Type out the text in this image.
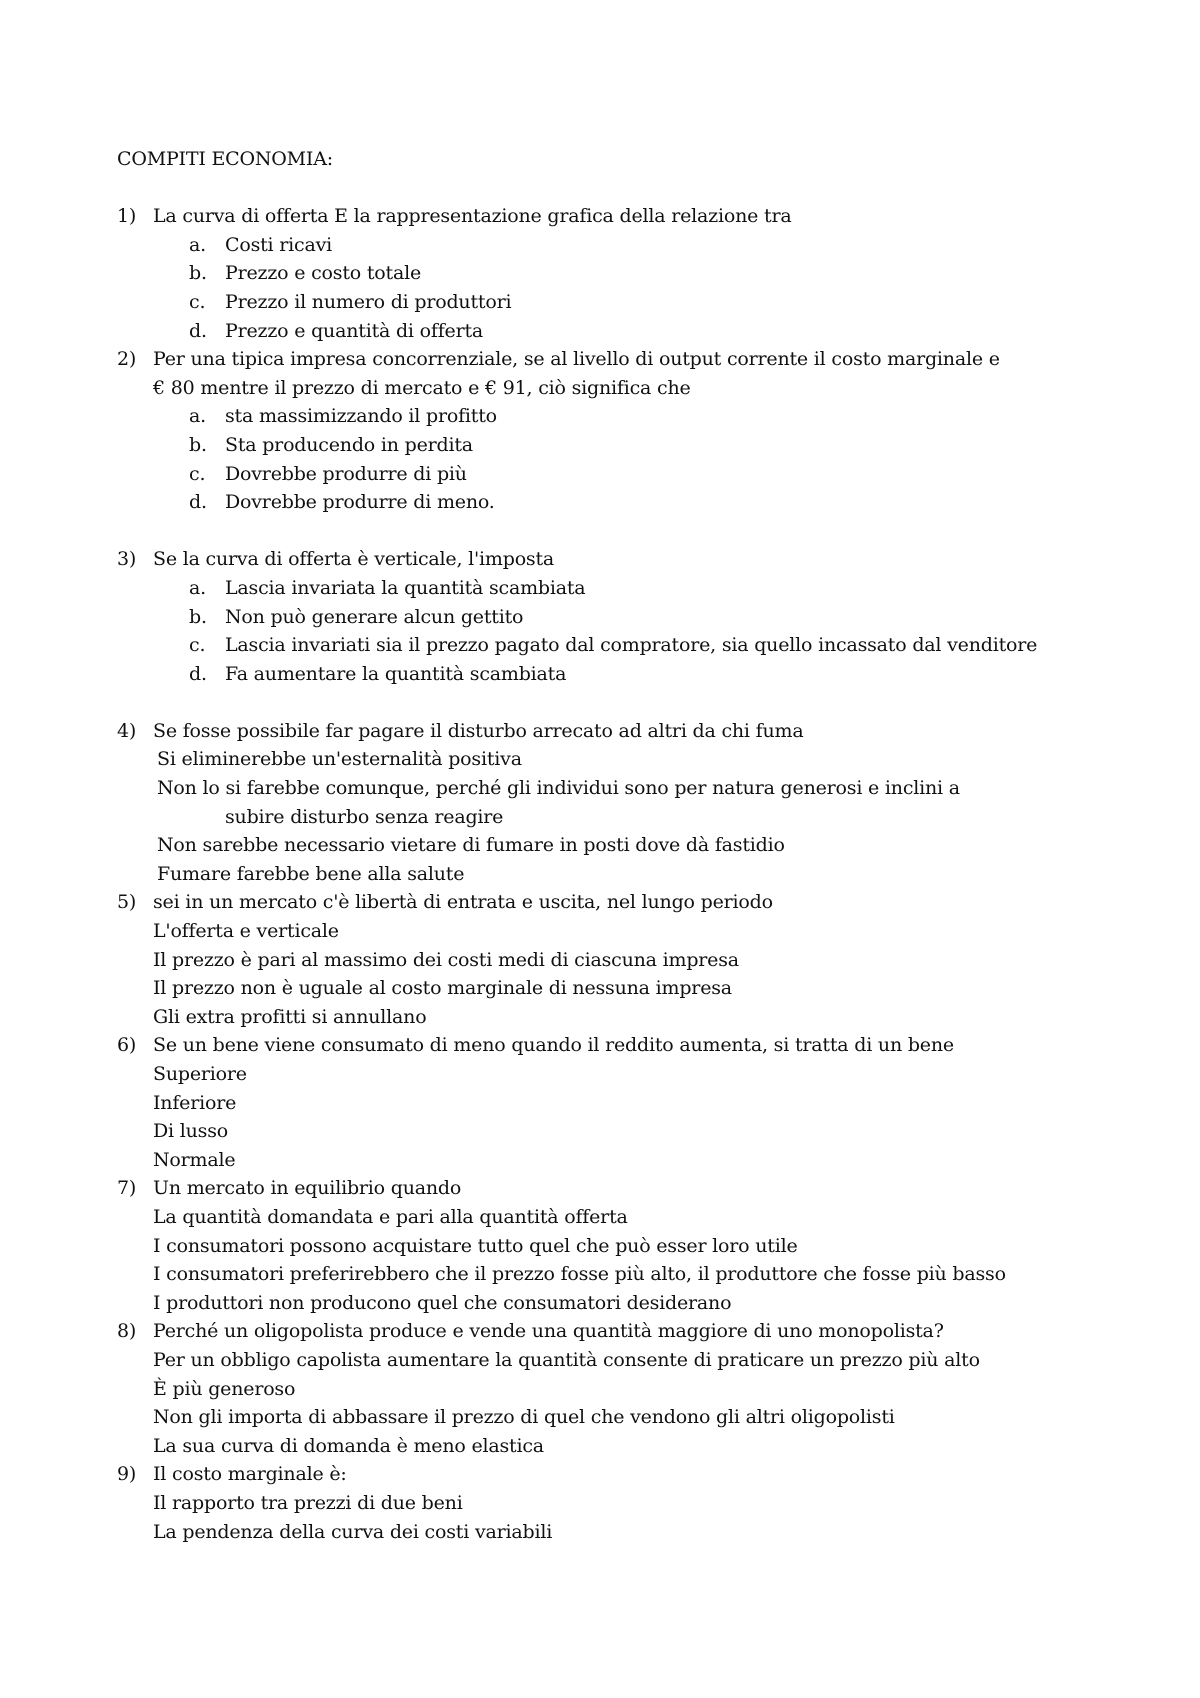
COMPITI ECONOMIA:
1) La curva di offerta E la rappresentazione grafica della relazione tra
a. Costi ricavi
b. Prezzo e costo totale
c. Prezzo il numero di produttori
d. Prezzo e quantità di offerta
2) Per una tipica impresa concorrenziale, se al livello di output corrente il costo marginale e
€ 80 mentre il prezzo di mercato e € 91, ciò significa che
a. sta massimizzando il profitto
b. Sta producendo in perdita
c. Dovrebbe produrre di più
d. Dovrebbe produrre di meno.
3) Se la curva di offerta è verticale, l'imposta
a. Lascia invariata la quantità scambiata
b. Non può generare alcun gettito
c. Lascia invariati sia il prezzo pagato dal compratore, sia quello incassato dal venditore
d. Fa aumentare la quantità scambiata
4) Se fosse possibile far pagare il disturbo arrecato ad altri da chi fuma
Si eliminerebbe un'esternalità positiva
Non lo si farebbe comunque, perché gli individui sono per natura generosi e inclini a
subire disturbo senza reagire
Non sarebbe necessario vietare di fumare in posti dove dà fastidio
Fumare farebbe bene alla salute
5) sei in un mercato c'è libertà di entrata e uscita, nel lungo periodo
L'offerta e verticale
Il prezzo è pari al massimo dei costi medi di ciascuna impresa
Il prezzo non è uguale al costo marginale di nessuna impresa
Gli extra profitti si annullano
6) Se un bene viene consumato di meno quando il reddito aumenta, si tratta di un bene
Superiore
Inferiore
Di lusso
Normale
7) Un mercato in equilibrio quando
La quantità domandata e pari alla quantità offerta
I consumatori possono acquistare tutto quel che può esser loro utile
I consumatori preferirebbero che il prezzo fosse più alto, il produttore che fosse più basso
I produttori non producono quel che consumatori desiderano
8) Perché un oligopolista produce e vende una quantità maggiore di uno monopolista?
Per un obbligo capolista aumentare la quantità consente di praticare un prezzo più alto
È più generoso
Non gli importa di abbassare il prezzo di quel che vendono gli altri oligopolisti
La sua curva di domanda è meno elastica
9) Il costo marginale è:
Il rapporto tra prezzi di due beni
La pendenza della curva dei costi variabili
